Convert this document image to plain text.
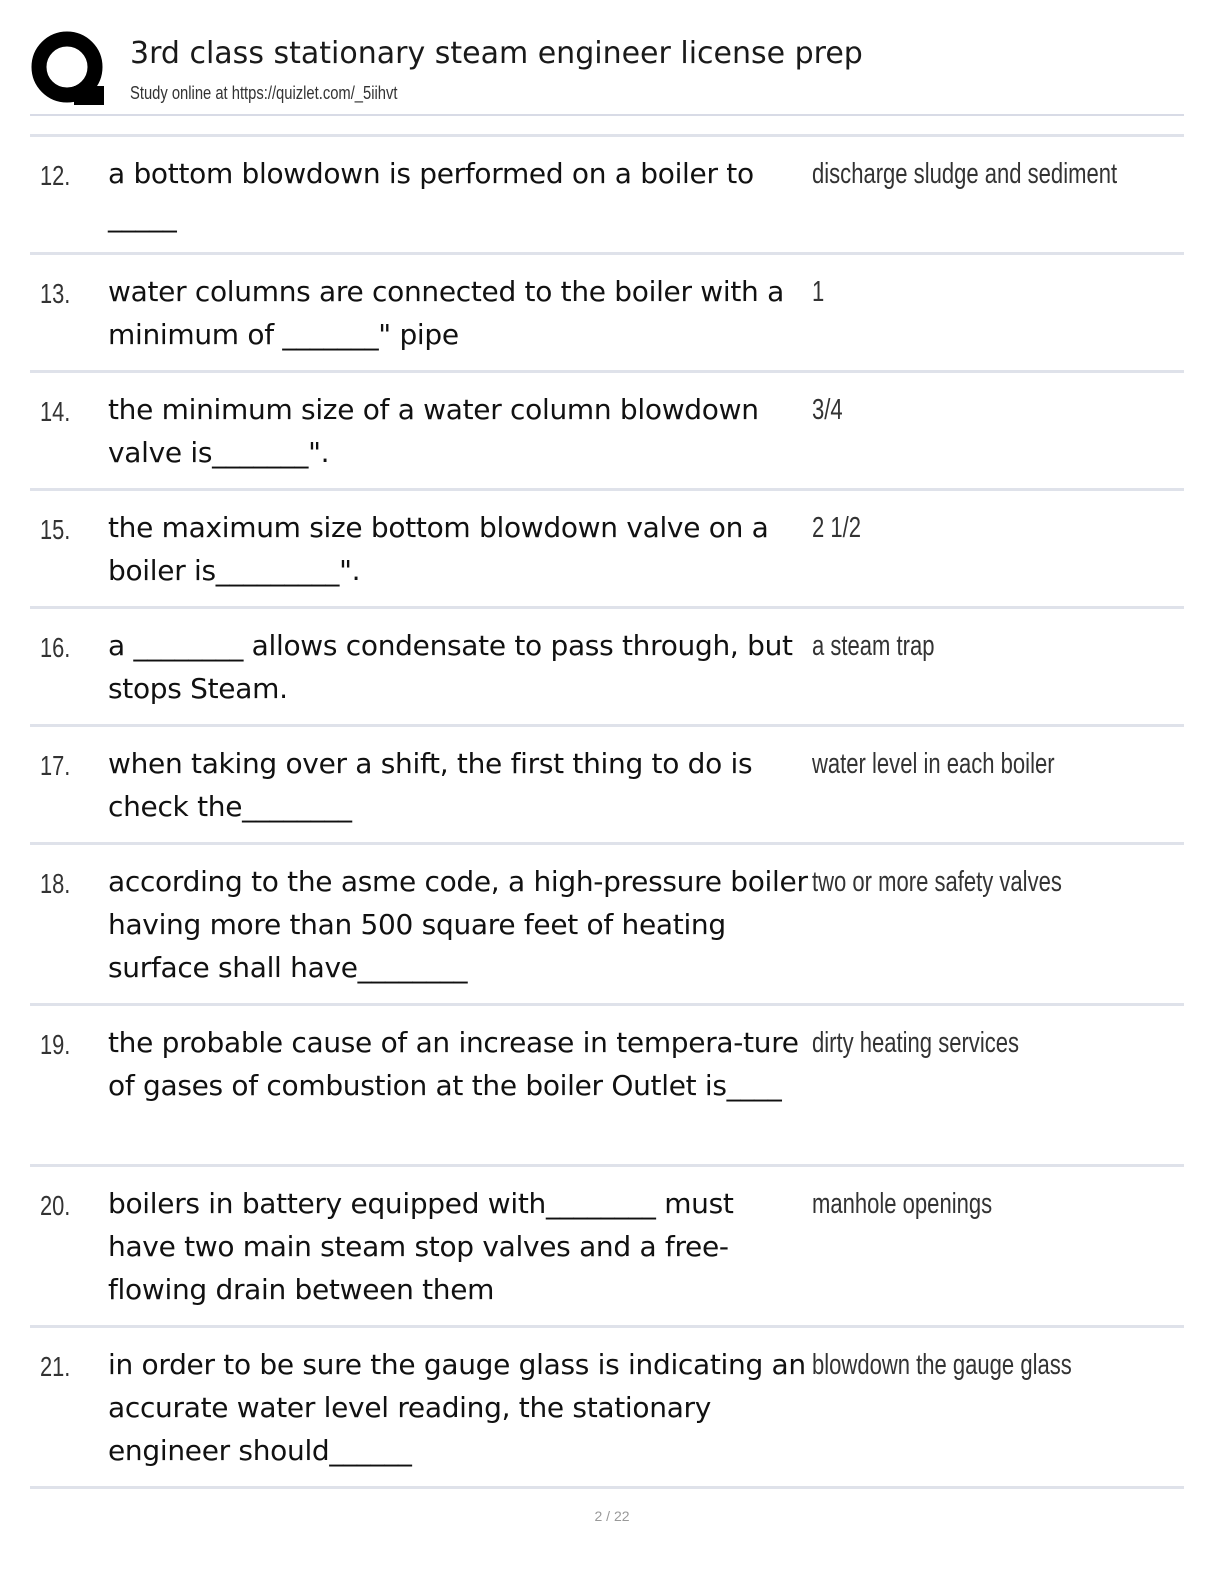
3rd class stationary steam engineer license prep
Study online at https://quizlet.com/_5iihvt
12. a bottom blowdown is performed on a boiler to _____
discharge sludge and sediment
13. water columns are connected to the boiler with a minimum of _______" pipe
1
14. the minimum size of a water column blowdown valve is_______".
3/4
15. the maximum size bottom blowdown valve on a boiler is_________".
2 1/2
16. a ________ allows condensate to pass through, but stops Steam.
a steam trap
17. when taking over a shift, the first thing to do is check the________
water level in each boiler
18. according to the asme code, a high-pressure boiler having more than 500 square feet of heating surface shall have________
two or more safety valves
19. the probable cause of an increase in tempera-ture of gases of combustion at the boiler Outlet is____
dirty heating services
20. boilers in battery equipped with________ must have two main steam stop valves and a free-flowing drain between them
manhole openings
21. in order to be sure the gauge glass is indicating an accurate water level reading, the stationary engineer should______
blowdown the gauge glass
2 / 22
